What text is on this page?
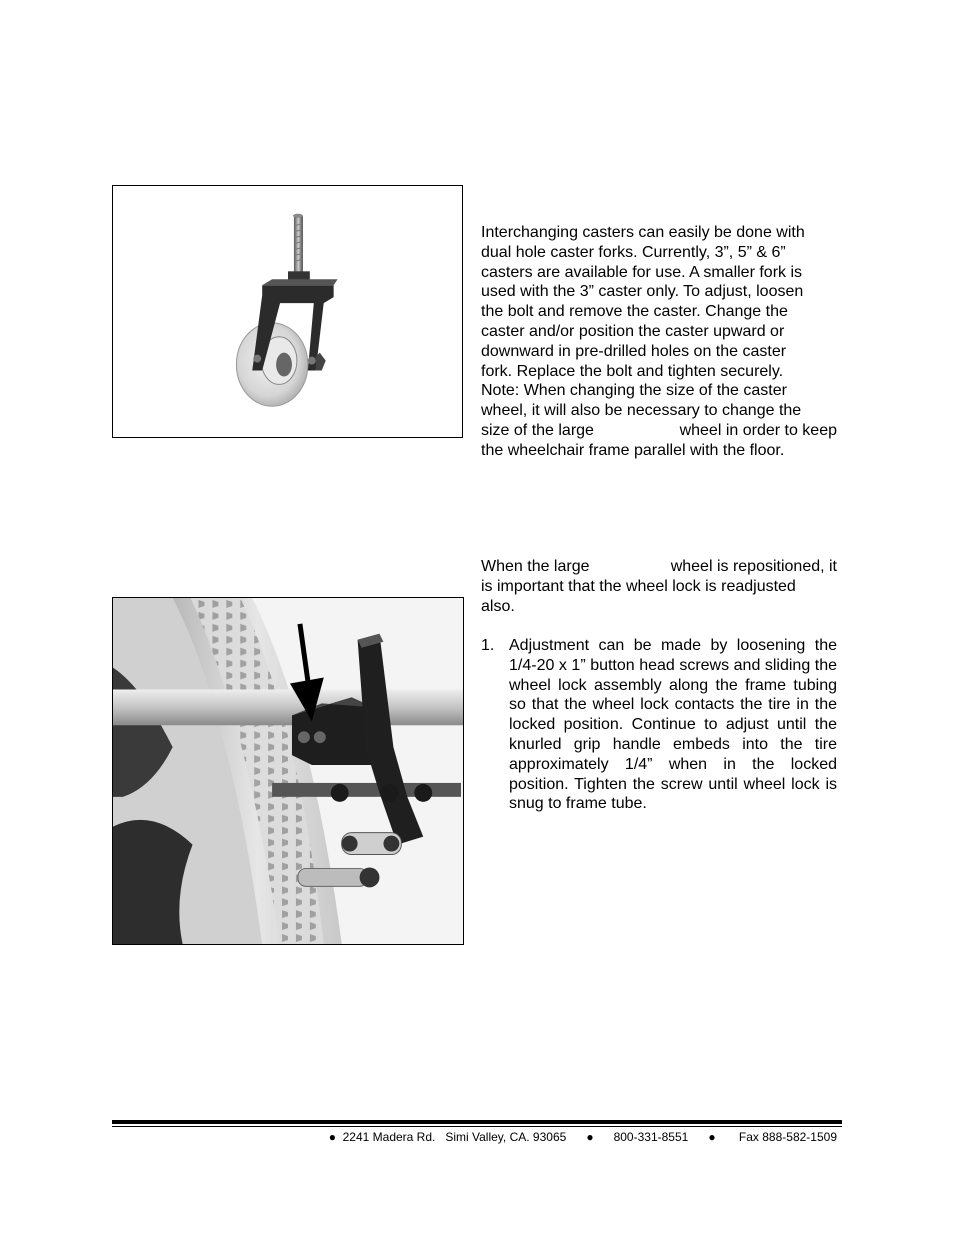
Interchanging casters can easily be done with
dual hole caster forks. Currently, 3”, 5” & 6”
casters are available for use. A smaller fork is
used with the 3” caster only. To adjust, loosen
the bolt and remove the caster. Change the
caster and/or position the caster upward or
downward in pre-drilled holes on the caster
fork. Replace the bolt and tighten securely.
Note: When changing the size of the caster
wheel, it will also be necessary to change the
size of the large	wheel in order to keep
the wheelchair frame parallel with the floor.
When the large	wheel is repositioned, it
is important that the wheel lock is readjusted
also.
1. Adjustment can be made by loosening the 1/4-20 x 1” button head screws and sliding the wheel lock assembly along the frame tubing so that the wheel lock contacts the tire in the locked position. Continue to adjust until the knurled grip handle embeds into the tire approximately 1/4” when in the locked position. Tighten the screw until wheel lock is snug to frame tube.
● 2241 Madera Rd.   Simi Valley, CA. 93065 ● 800-331-8551 ● Fax 888-582-1509
